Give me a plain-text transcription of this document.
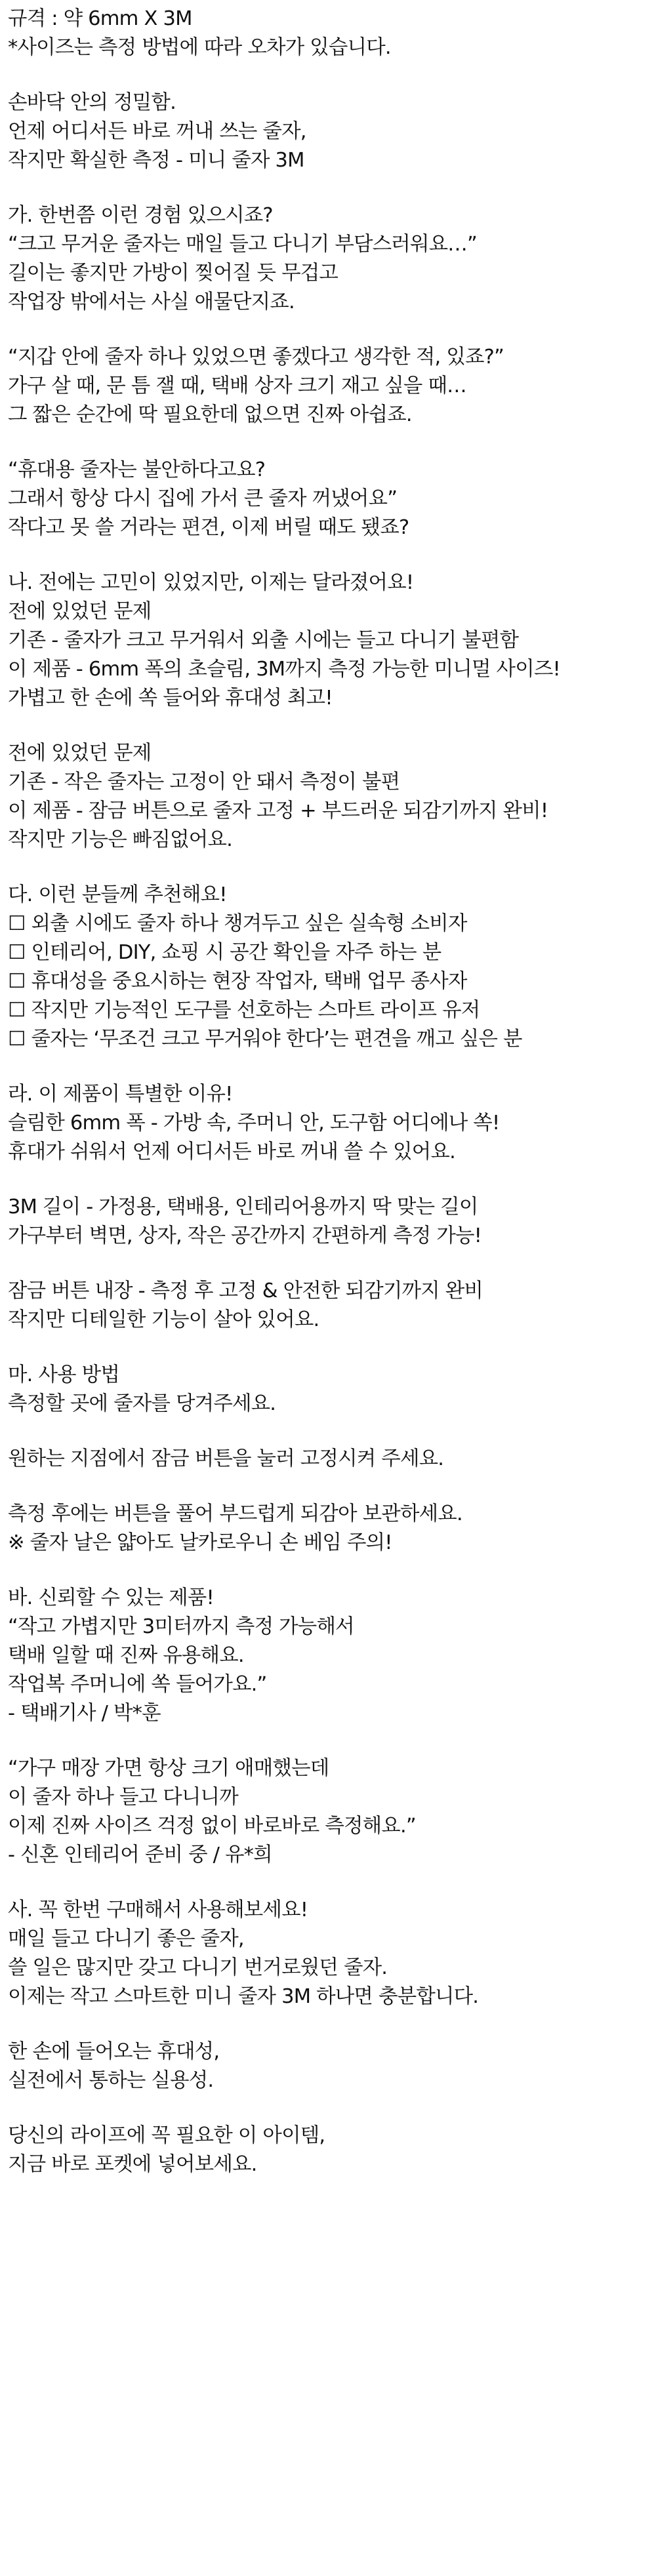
규격 : 약 6mm X 3M

*사이즈는 측정 방법에 따라 오차가 있습니다.

손바닥 안의 정밀함.

언제 어디서든 바로 꺼내 쓰는 줄자,

작지만 확실한 측정 - 미니 줄자 3M

가. 한번쯤 이런 경험 있으시죠?

“크고 무거운 줄자는 매일 들고 다니기 부담스러워요…”

길이는 좋지만 가방이 찢어질 듯 무겁고

작업장 밖에서는 사실 애물단지죠.

“지갑 안에 줄자 하나 있었으면 좋겠다고 생각한 적, 있죠?”

가구 살 때, 문 틈 잴 때, 택배 상자 크기 재고 싶을 때…

그 짧은 순간에 딱 필요한데 없으면 진짜 아쉽죠.

“휴대용 줄자는 불안하다고요?

그래서 항상 다시 집에 가서 큰 줄자 꺼냈어요”

작다고 못 쓸 거라는 편견, 이제 버릴 때도 됐죠?

나. 전에는 고민이 있었지만, 이제는 달라졌어요!

전에 있었던 문제

기존 - 줄자가 크고 무거워서 외출 시에는 들고 다니기 불편함

이 제품 - 6mm 폭의 초슬림, 3M까지 측정 가능한 미니멀 사이즈!

가볍고 한 손에 쏙 들어와 휴대성 최고!

전에 있었던 문제

기존 - 작은 줄자는 고정이 안 돼서 측정이 불편

이 제품 - 잠금 버튼으로 줄자 고정 + 부드러운 되감기까지 완비!

작지만 기능은 빠짐없어요.

다. 이런 분들께 추천해요!

☐ 외출 시에도 줄자 하나 챙겨두고 싶은 실속형 소비자

☐ 인테리어, DIY, 쇼핑 시 공간 확인을 자주 하는 분

☐ 휴대성을 중요시하는 현장 작업자, 택배 업무 종사자

☐ 작지만 기능적인 도구를 선호하는 스마트 라이프 유저

☐ 줄자는 ‘무조건 크고 무거워야 한다’는 편견을 깨고 싶은 분

라. 이 제품이 특별한 이유!

슬림한 6mm 폭 - 가방 속, 주머니 안, 도구함 어디에나 쏙!

휴대가 쉬워서 언제 어디서든 바로 꺼내 쓸 수 있어요.

3M 길이 - 가정용, 택배용, 인테리어용까지 딱 맞는 길이

가구부터 벽면, 상자, 작은 공간까지 간편하게 측정 가능!

잠금 버튼 내장 - 측정 후 고정 & 안전한 되감기까지 완비

작지만 디테일한 기능이 살아 있어요.

마. 사용 방법

측정할 곳에 줄자를 당겨주세요.

원하는 지점에서 잠금 버튼을 눌러 고정시켜 주세요.

측정 후에는 버튼을 풀어 부드럽게 되감아 보관하세요.

※ 줄자 날은 얇아도 날카로우니 손 베임 주의!

바. 신뢰할 수 있는 제품!

“작고 가볍지만 3미터까지 측정 가능해서

택배 일할 때 진짜 유용해요.

작업복 주머니에 쏙 들어가요.”

- 택배기사 / 박*훈

“가구 매장 가면 항상 크기 애매했는데

이 줄자 하나 들고 다니니까

이제 진짜 사이즈 걱정 없이 바로바로 측정해요.”

- 신혼 인테리어 준비 중 / 유*희

사. 꼭 한번 구매해서 사용해보세요!

매일 들고 다니기 좋은 줄자,

쓸 일은 많지만 갖고 다니기 번거로웠던 줄자.

이제는 작고 스마트한 미니 줄자 3M 하나면 충분합니다.

한 손에 들어오는 휴대성,

실전에서 통하는 실용성.

당신의 라이프에 꼭 필요한 이 아이템,

지금 바로 포켓에 넣어보세요.
